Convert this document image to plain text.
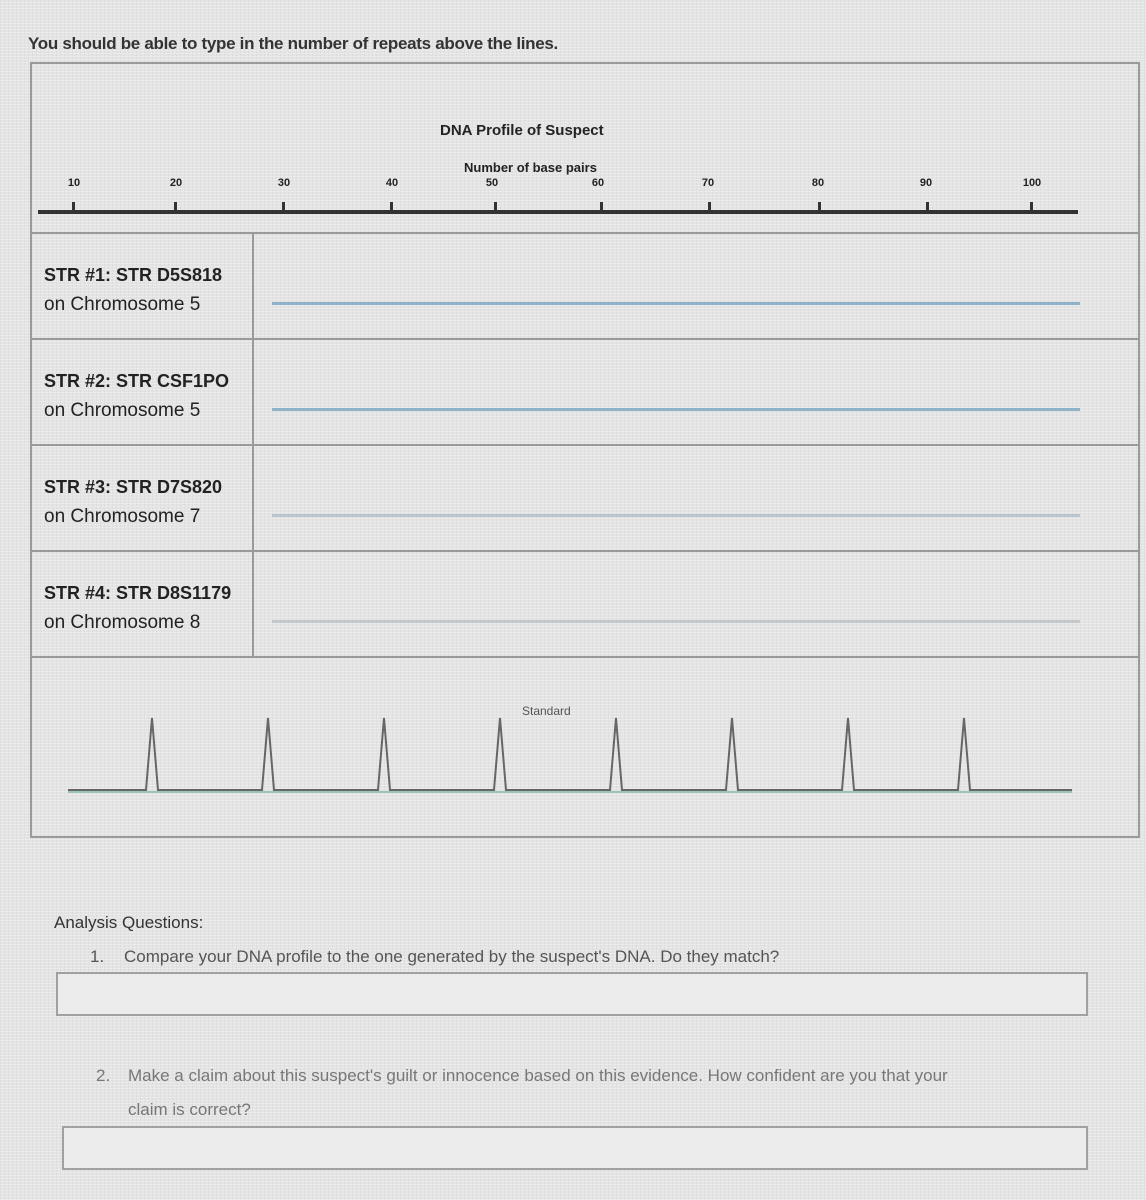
You should be able to type in the number of repeats above the lines.
DNA Profile of Suspect
Number of base pairs
10	20	30	40	50	60	70	80	90	100
STR #1: STR D5S818
on Chromosome 5
STR #2: STR CSF1PO
on Chromosome 5
STR #3: STR D7S820
on Chromosome 7
STR #4: STR D8S1179
on Chromosome 8
Standard
Analysis Questions:
1. Compare your DNA profile to the one generated by the suspect's DNA. Do they match?
2. Make a claim about this suspect's guilt or innocence based on this evidence. How confident are you that your
claim is correct?
